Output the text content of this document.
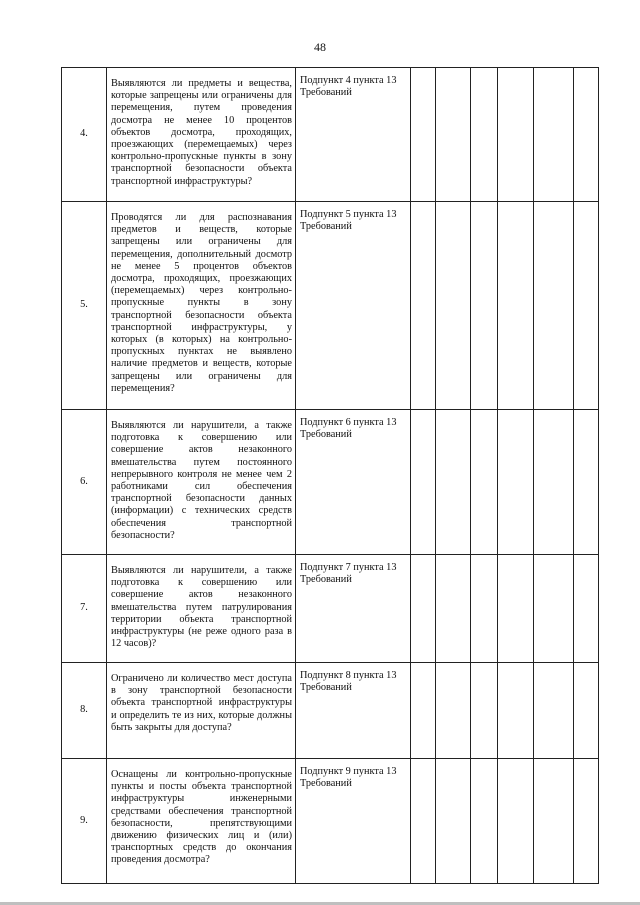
48
4.	Выявляются ли предметы и вещества, которые запрещены или ограничены для перемещения, путем проведения досмотра не менее 10 процентов объектов досмотра, проходящих, проезжающих (перемещаемых) через контрольно-пропускные пункты в зону транспортной безопасности объекта транспортной инфраструктуры?	Подпункт 4 пункта 13 Требований						
5.	Проводятся ли для распознавания предметов и веществ, которые запрещены или ограничены для перемещения, дополнительный досмотр не менее 5 процентов объектов досмотра, проходящих, проезжающих (перемещаемых) через контрольно-пропускные пункты в зону транспортной безопасности объекта транспортной инфраструктуры, у которых (в которых) на контрольно-пропускных пунктах не выявлено наличие предметов и веществ, которые запрещены или ограничены для перемещения?	Подпункт 5 пункта 13 Требований						
6.	Выявляются ли нарушители, а также подготовка к совершению или совершение актов незаконного вмешательства путем постоянного непрерывного контроля не менее чем 2 работниками сил обеспечения транспортной безопасности данных (информации) с технических средств обеспечения транспортной безопасности?	Подпункт 6 пункта 13 Требований						
7.	Выявляются ли нарушители, а также подготовка к совершению или совершение актов незаконного вмешательства путем патрулирования территории объекта транспортной инфраструктуры (не реже одного раза в 12 часов)?	Подпункт 7 пункта 13 Требований						
8.	Ограничено ли количество мест доступа в зону транспортной безопасности объекта транспортной инфраструктуры и определить те из них, которые должны быть закрыты для доступа?	Подпункт 8 пункта 13 Требований						
9.	Оснащены ли контрольно-пропускные пункты и посты объекта транспортной инфраструктуры инженерными средствами обеспечения транспортной безопасности, препятствующими движению физических лиц и (или) транспортных средств до окончания проведения досмотра?	Подпункт 9 пункта 13 Требований						
